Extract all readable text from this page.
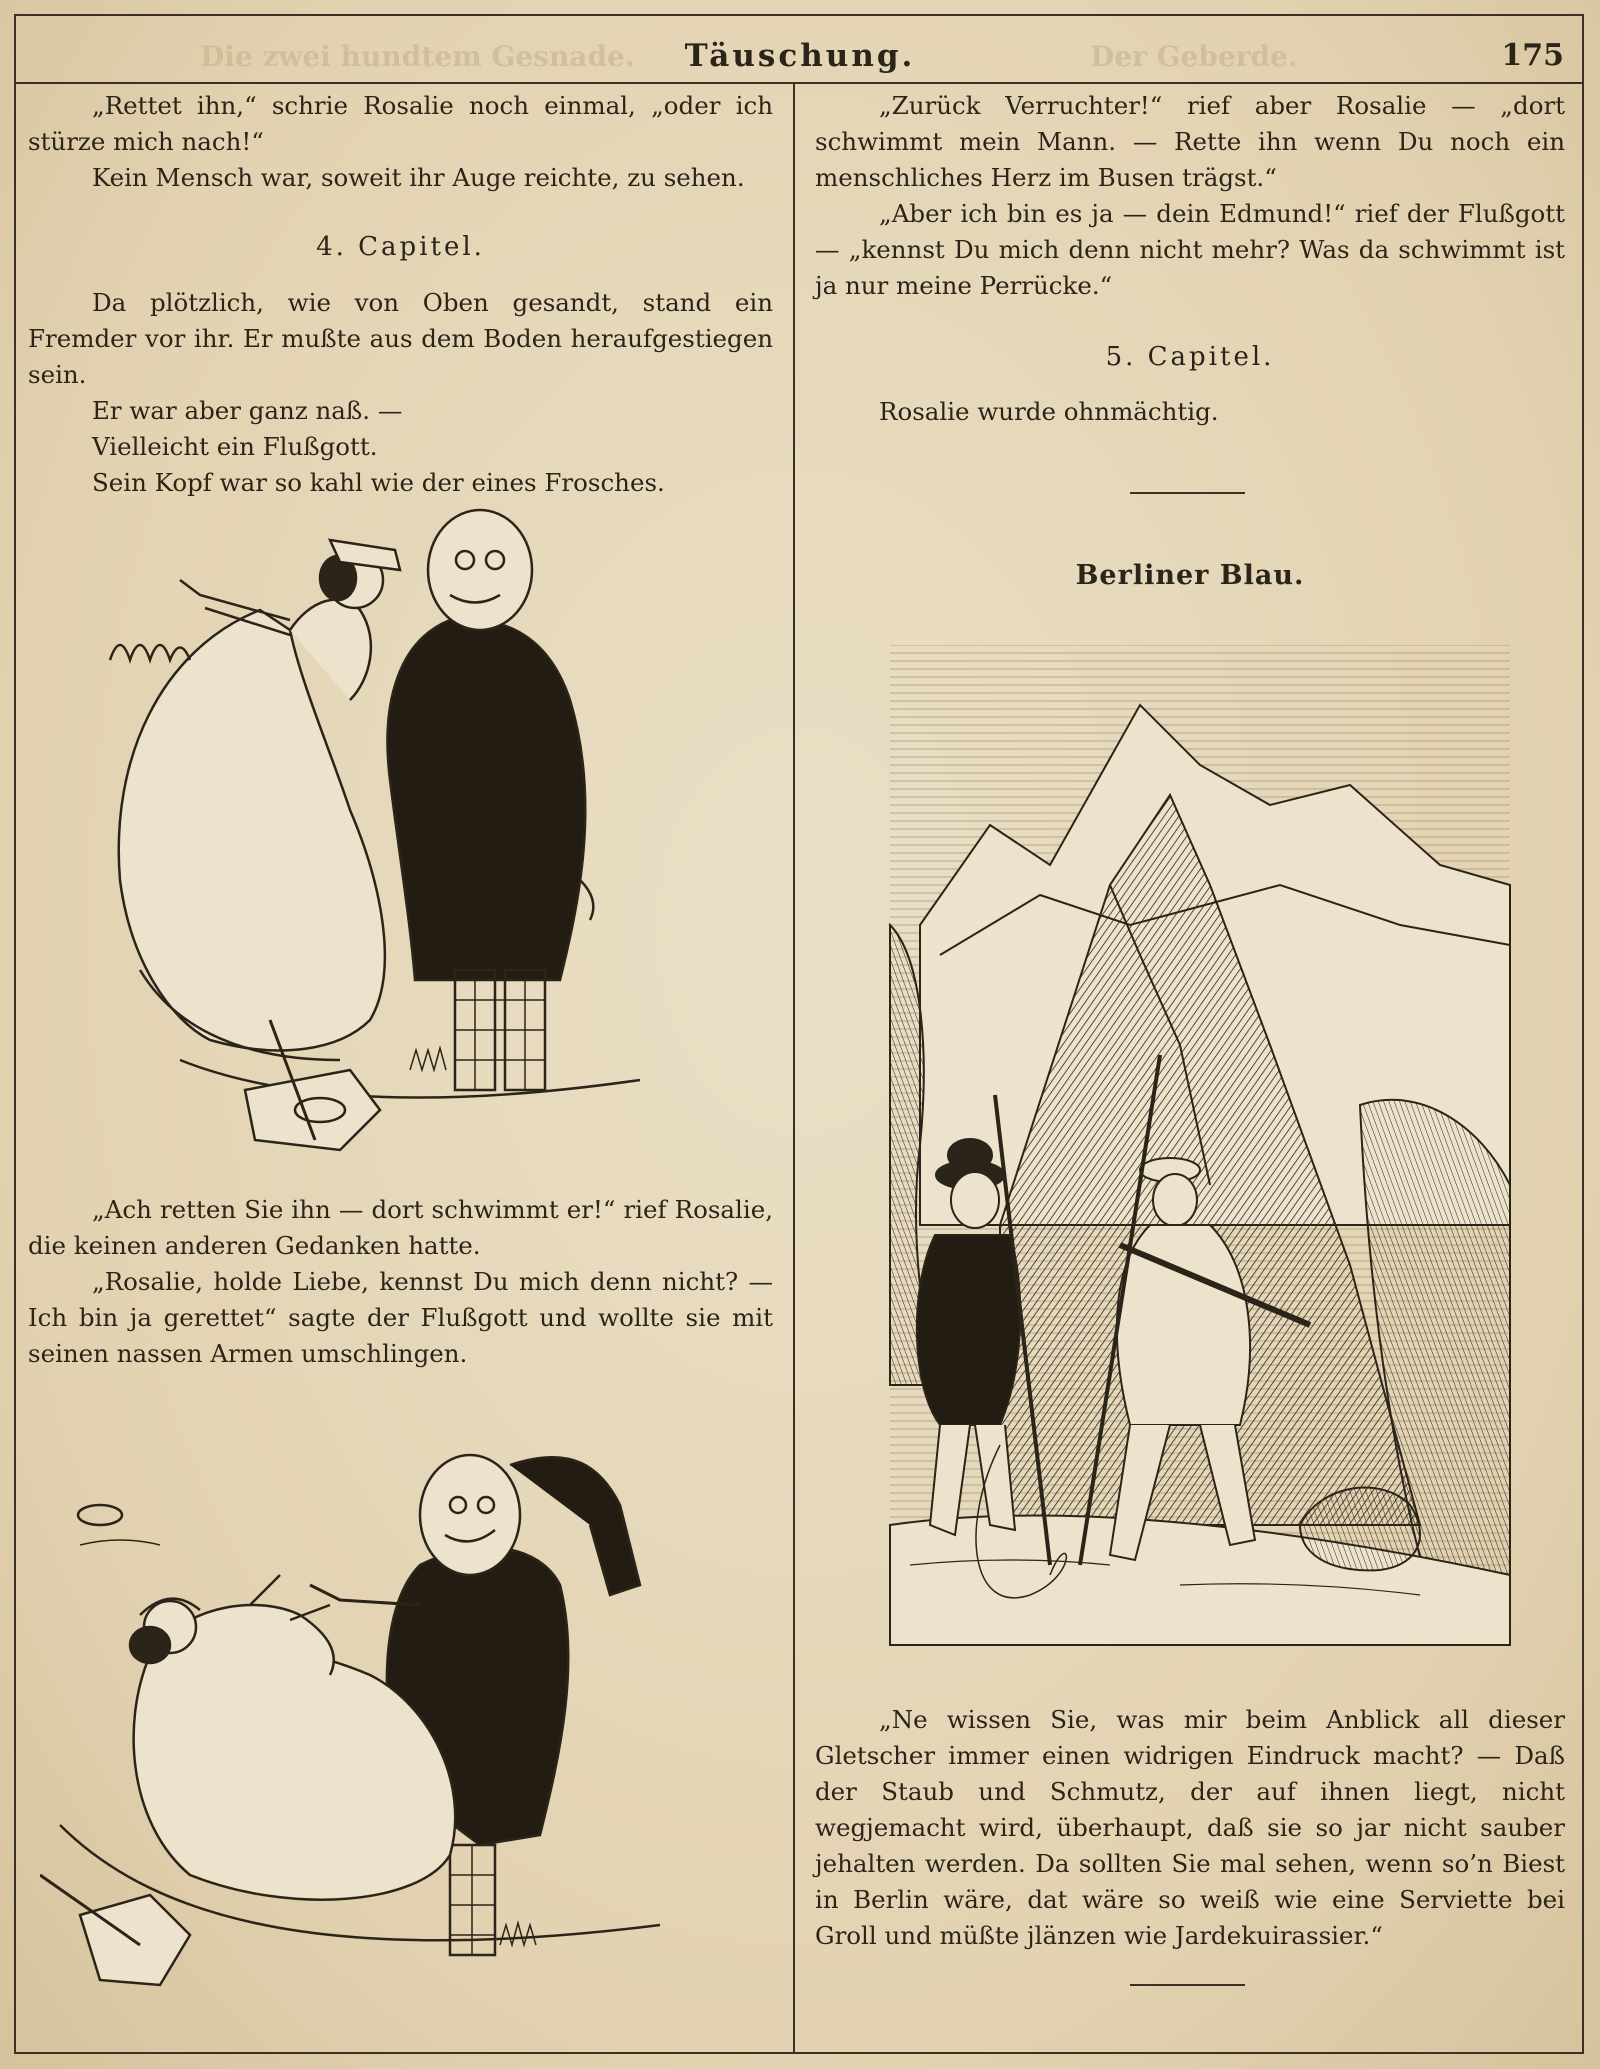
Die zwei hundtem Gesnade.	Der Geberde.
Täuschung.	175

„Rettet ihn,“ schrie Rosalie noch einmal, „oder ich stürze mich nach!“

Kein Mensch war, soweit ihr Auge reichte, zu sehen.

4. Capitel.

Da plötzlich, wie von Oben gesandt, stand ein Fremder vor ihr. Er mußte aus dem Boden heraufgestiegen sein.

Er war aber ganz naß. —

Vielleicht ein Flußgott.

Sein Kopf war so kahl wie der eines Frosches.

„Ach retten Sie ihn — dort schwimmt er!“ rief Rosalie, die keinen anderen Gedanken hatte.

„Rosalie, holde Liebe, kennst Du mich denn nicht? — Ich bin ja gerettet“ sagte der Flußgott und wollte sie mit seinen nassen Armen umschlingen.

„Zurück Verruchter!“ rief aber Rosalie — „dort schwimmt mein Mann. — Rette ihn wenn Du noch ein menschliches Herz im Busen trägst.“

„Aber ich bin es ja — dein Edmund!“ rief der Flußgott — „kennst Du mich denn nicht mehr? Was da schwimmt ist ja nur meine Perrücke.“

5. Capitel.

Rosalie wurde ohnmächtig.

Berliner Blau.

„Ne wissen Sie, was mir beim Anblick all dieser Gletscher immer einen widrigen Eindruck macht? — Daß der Staub und Schmutz, der auf ihnen liegt, nicht wegjemacht wird, überhaupt, daß sie so jar nicht sauber jehalten werden. Da sollten Sie mal sehen, wenn so’n Biest in Berlin wäre, dat wäre so weiß wie eine Serviette bei Groll und müßte jlänzen wie Jardekuirassier.“
